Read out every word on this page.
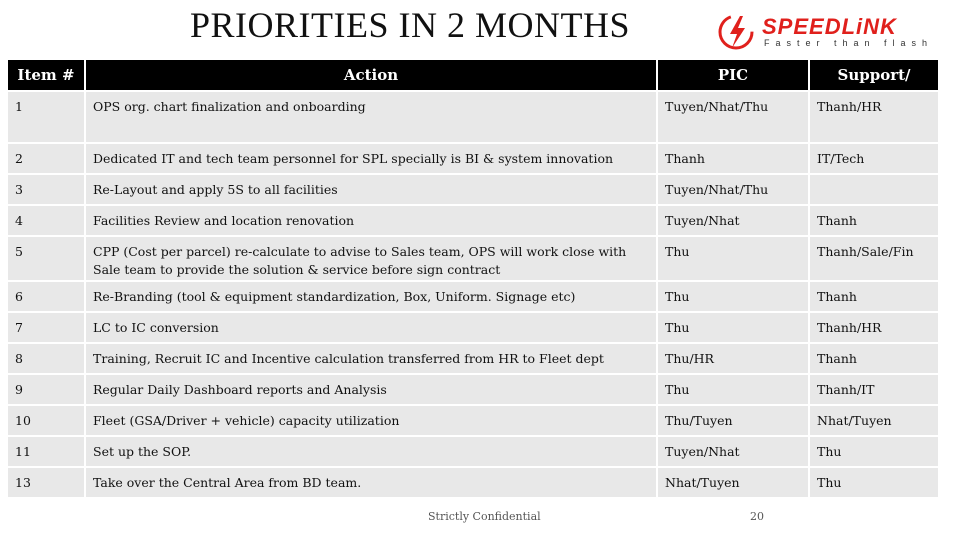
PRIORITIES IN 2 MONTHS	SPEEDLiNK
Faster than flash
Item #	Action	PIC	Support/
1	OPS org. chart finalization and onboarding	Tuyen/Nhat/Thu	Thanh/HR
2	Dedicated IT and tech team personnel for SPL specially is BI & system innovation	Thanh	IT/Tech
3	Re-Layout and apply 5S to all facilities	Tuyen/Nhat/Thu	
4	Facilities Review and location renovation	Tuyen/Nhat	Thanh
5	CPP (Cost per parcel) re-calculate to advise to Sales team, OPS will work close with Sale team to provide the solution & service before sign contract	Thu	Thanh/Sale/Fin
6	Re-Branding (tool & equipment standardization, Box, Uniform. Signage etc)	Thu	Thanh
7	LC to IC conversion	Thu	Thanh/HR
8	Training, Recruit IC and Incentive calculation transferred from HR to Fleet dept	Thu/HR	Thanh
9	Regular Daily Dashboard reports and Analysis	Thu	Thanh/IT
10	Fleet (GSA/Driver + vehicle) capacity utilization	Thu/Tuyen	Nhat/Tuyen
11	Set up the SOP.	Tuyen/Nhat	Thu
13	Take over the Central Area from BD team.	Nhat/Tuyen	Thu
Strictly Confidential	20
